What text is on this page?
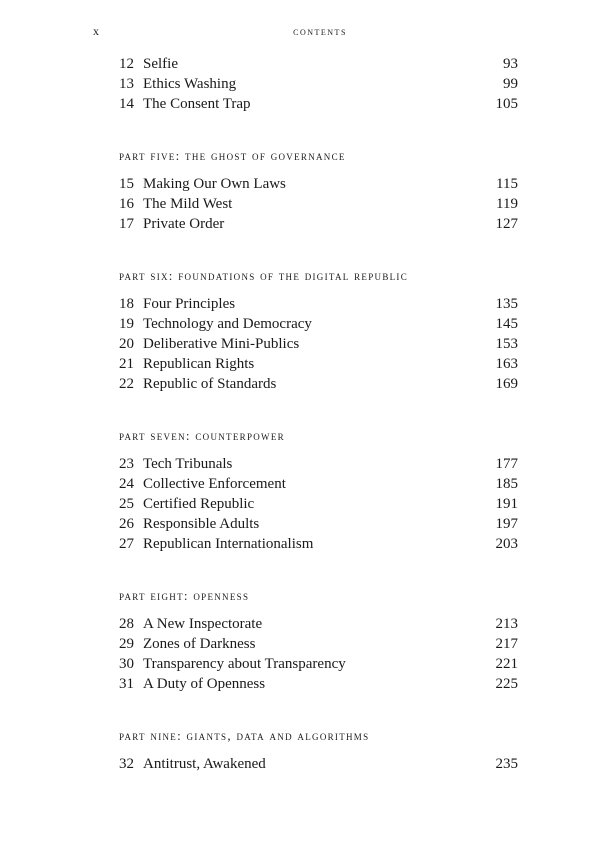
x	contents
12 Selfie	93
13 Ethics Washing	99
14 The Consent Trap	105
part five: the ghost of governance
15 Making Our Own Laws	115
16 The Mild West	119
17 Private Order	127
part six: foundations of the digital republic
18 Four Principles	135
19 Technology and Democracy	145
20 Deliberative Mini-Publics	153
21 Republican Rights	163
22 Republic of Standards	169
part seven: counterpower
23 Tech Tribunals	177
24 Collective Enforcement	185
25 Certified Republic	191
26 Responsible Adults	197
27 Republican Internationalism	203
part eight: openness
28 A New Inspectorate	213
29 Zones of Darkness	217
30 Transparency about Transparency	221
31 A Duty of Openness	225
part nine: giants, data and algorithms
32 Antitrust, Awakened	235
